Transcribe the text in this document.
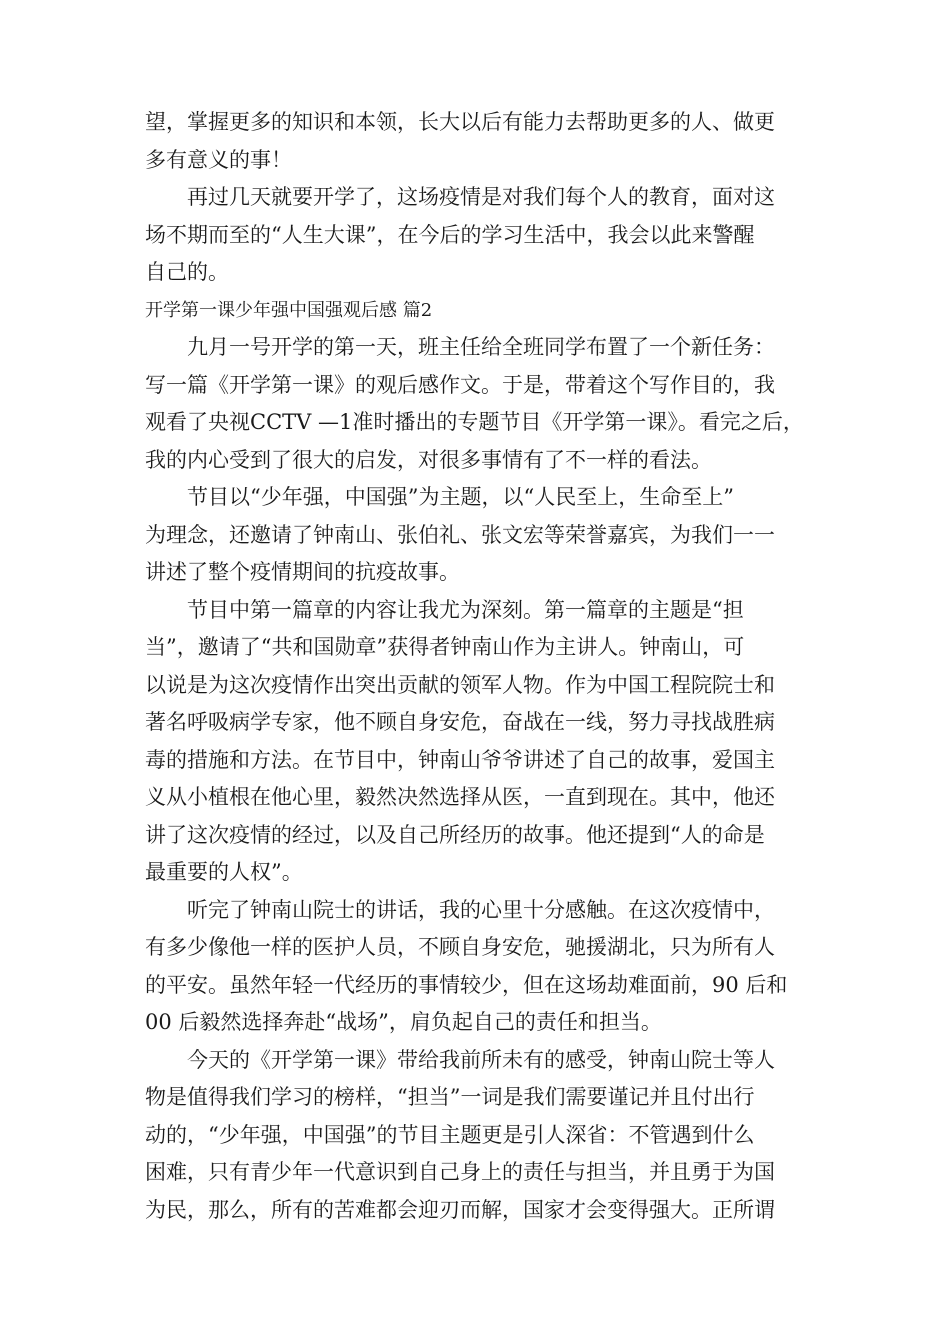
望，掌握更多的知识和本领，长大以后有能力去帮助更多的人、做更
多有意义的事！
　　再过几天就要开学了，这场疫情是对我们每个人的教育，面对这
场不期而至的“人生大课”，在今后的学习生活中，我会以此来警醒
自己的。
开学第一课少年强中国强观后感 篇2
　　九月一号开学的第一天，班主任给全班同学布置了一个新任务：
写一篇《开学第一课》的观后感作文。于是，带着这个写作目的，我
观看了央视CCTV —1准时播出的专题节目《开学第一课》。看完之后，
我的内心受到了很大的启发，对很多事情有了不一样的看法。
　　节目以“少年强，中国强”为主题，以“人民至上，生命至上”
为理念，还邀请了钟南山、张伯礼、张文宏等荣誉嘉宾，为我们一一
讲述了整个疫情期间的抗疫故事。
　　节目中第一篇章的内容让我尤为深刻。第一篇章的主题是“担
当”，邀请了“共和国勋章”获得者钟南山作为主讲人。钟南山，可
以说是为这次疫情作出突出贡献的领军人物。作为中国工程院院士和
著名呼吸病学专家，他不顾自身安危，奋战在一线，努力寻找战胜病
毒的措施和方法。在节目中，钟南山爷爷讲述了自己的故事，爱国主
义从小植根在他心里，毅然决然选择从医，一直到现在。其中，他还
讲了这次疫情的经过，以及自己所经历的故事。他还提到“人的命是
最重要的人权”。
　　听完了钟南山院士的讲话，我的心里十分感触。在这次疫情中，
有多少像他一样的医护人员，不顾自身安危，驰援湖北，只为所有人
的平安。虽然年轻一代经历的事情较少，但在这场劫难面前，90 后和
00 后毅然选择奔赴“战场”，肩负起自己的责任和担当。
　　今天的《开学第一课》带给我前所未有的感受，钟南山院士等人
物是值得我们学习的榜样，“担当”一词是我们需要谨记并且付出行
动的，“少年强，中国强”的节目主题更是引人深省：不管遇到什么
困难，只有青少年一代意识到自己身上的责任与担当，并且勇于为国
为民，那么，所有的苦难都会迎刃而解，国家才会变得强大。正所谓
